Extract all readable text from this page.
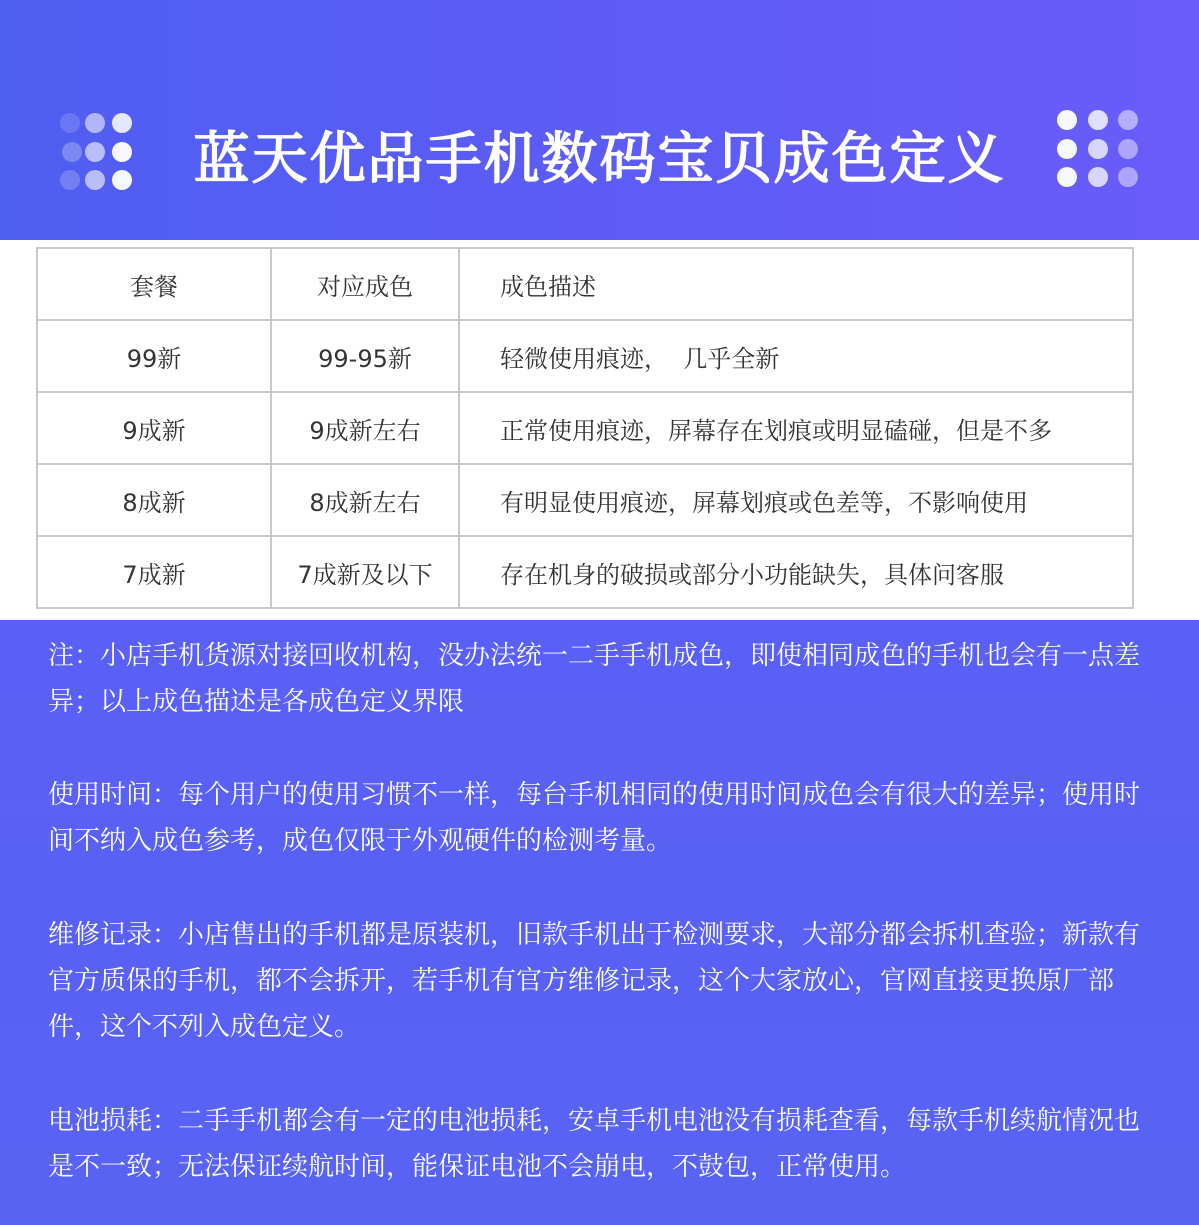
蓝天优品手机数码宝贝成色定义
套餐	对应成色	成色描述
99新	99-95新	轻微使用痕迹，  几乎全新
9成新	9成新左右	正常使用痕迹，屏幕存在划痕或明显磕碰，但是不多
8成新	8成新左右	有明显使用痕迹，屏幕划痕或色差等，不影响使用
7成新	7成新及以下	存在机身的破损或部分小功能缺失，具体问客服

注：小店手机货源对接回收机构，没办法统一二手手机成色，即使相同成色的手机也会有一点差异；以上成色描述是各成色定义界限

使用时间：每个用户的使用习惯不一样，每台手机相同的使用时间成色会有很大的差异；使用时间不纳入成色参考，成色仅限于外观硬件的检测考量。

维修记录：小店售出的手机都是原装机，旧款手机出于检测要求，大部分都会拆机查验；新款有官方质保的手机，都不会拆开，若手机有官方维修记录，这个大家放心，官网直接更换原厂部件，这个不列入成色定义。

电池损耗：二手手机都会有一定的电池损耗，安卓手机电池没有损耗查看，每款手机续航情况也是不一致；无法保证续航时间，能保证电池不会崩电，不鼓包，正常使用。
